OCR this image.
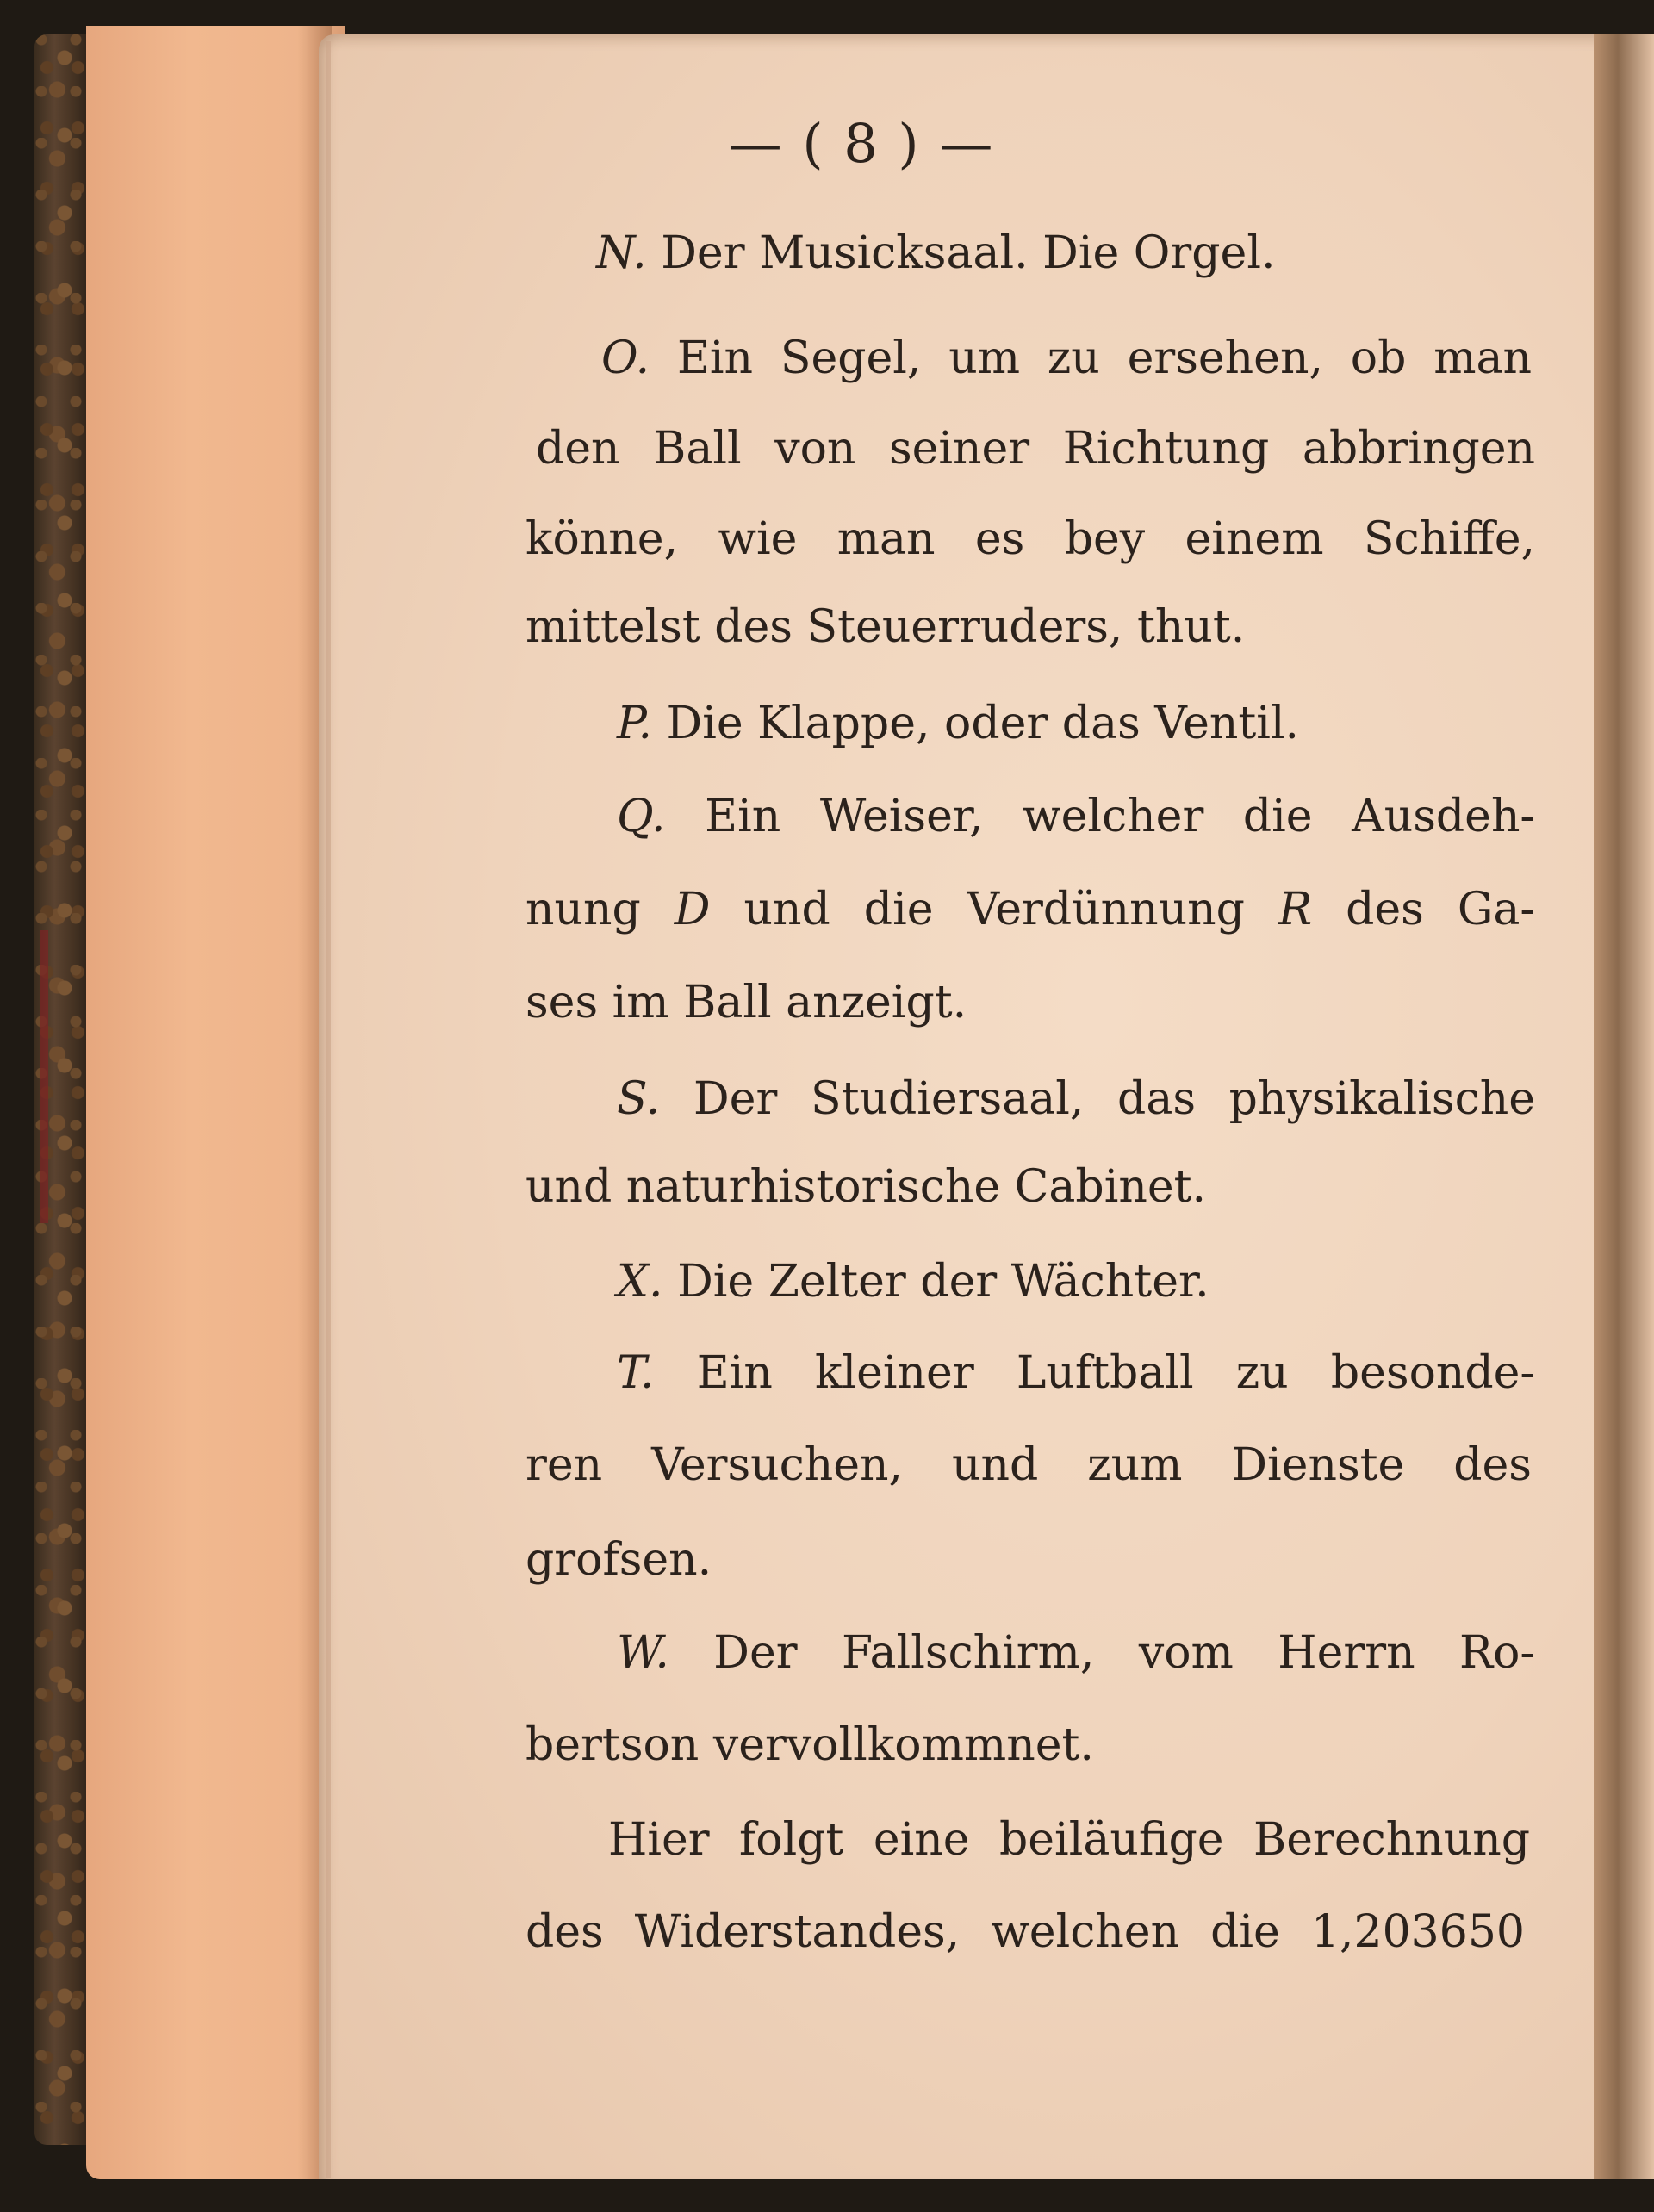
— ( 8 ) —
N. Der Musicksaal. Die Orgel.
O. Ein Segel, um zu ersehen, ob man
den Ball von seiner Richtung abbringen
könne, wie man es bey einem Schiffe,
mittelst des Steuerruders, thut.
P. Die Klappe, oder das Ventil.
Q. Ein Weiser, welcher die Ausdeh-
nung D und die Verdünnung R des Ga-
ses im Ball anzeigt.
S. Der Studiersaal, das physikalische
und naturhistorische Cabinet.
X. Die Zelter der Wächter.
T. Ein kleiner Luftball zu besonde-
ren Versuchen, und zum Dienste des
grofsen.
W. Der Fallschirm, vom Herrn Ro-
bertson vervollkommnet.
Hier folgt eine beiläufige Berechnung
des Widerstandes, welchen die 1,203650
